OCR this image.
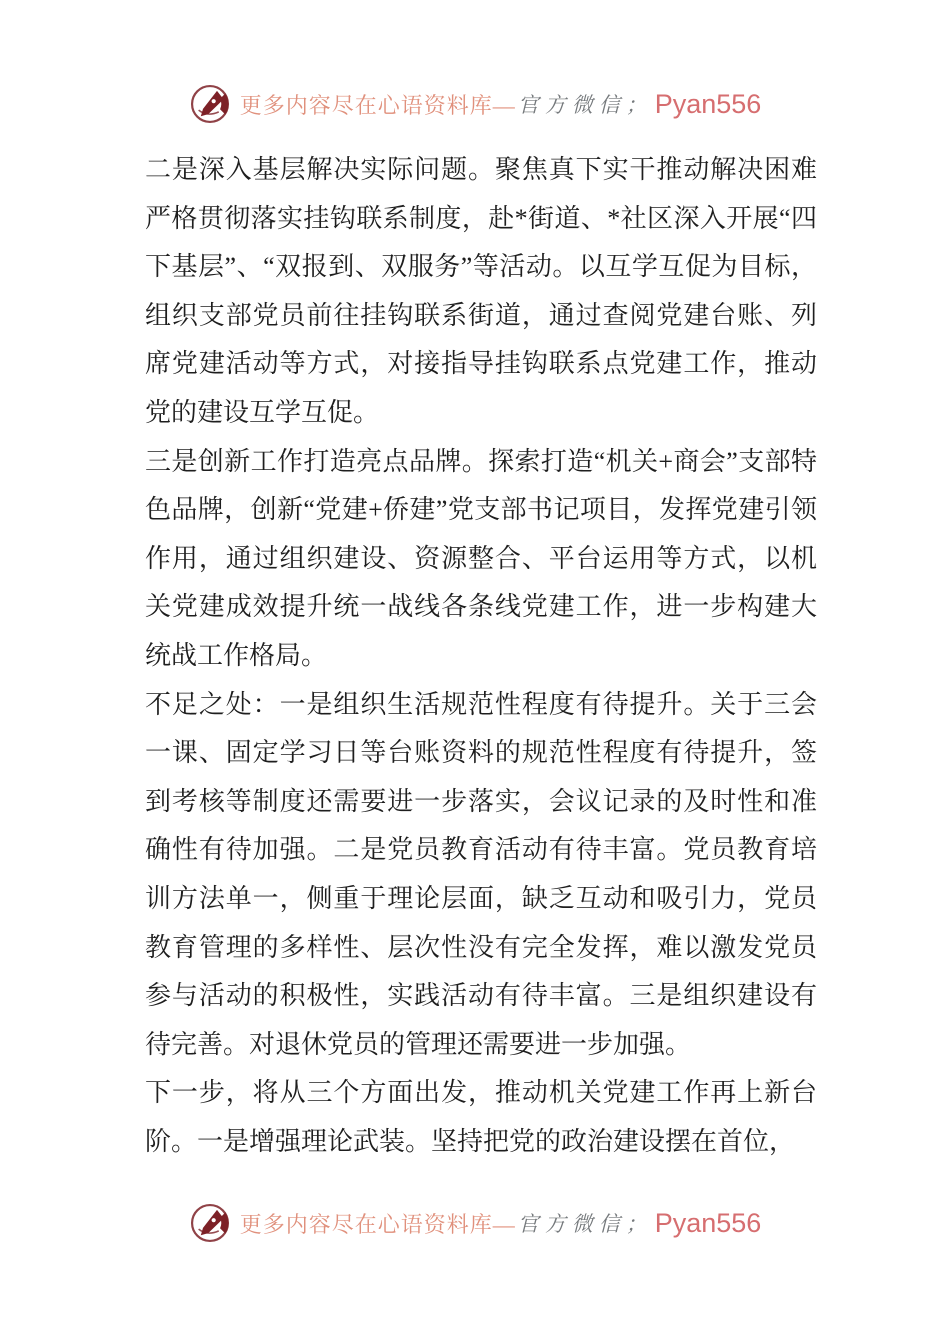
更多内容尽在心语资料库— 官方微信； Pyan556

二是深入基层解决实际问题。聚焦真下实干推动解决困难严格贯彻落实挂钩联系制度，赴*街道、*社区深入开展“四下基层”、“双报到、双服务”等活动。以互学互促为目标，组织支部党员前往挂钩联系街道，通过查阅党建台账、列席党建活动等方式，对接指导挂钩联系点党建工作，推动党的建设互学互促。

三是创新工作打造亮点品牌。探索打造“机关+商会”支部特色品牌，创新“党建+侨建”党支部书记项目，发挥党建引领作用，通过组织建设、资源整合、平台运用等方式，以机关党建成效提升统一战线各条线党建工作，进一步构建大统战工作格局。

不足之处：一是组织生活规范性程度有待提升。关于三会一课、固定学习日等台账资料的规范性程度有待提升，签到考核等制度还需要进一步落实，会议记录的及时性和准确性有待加强。二是党员教育活动有待丰富。党员教育培训方法单一，侧重于理论层面，缺乏互动和吸引力，党员教育管理的多样性、层次性没有完全发挥，难以激发党员参与活动的积极性，实践活动有待丰富。三是组织建设有待完善。对退休党员的管理还需要进一步加强。

下一步，将从三个方面出发，推动机关党建工作再上新台阶。一是增强理论武装。坚持把党的政治建设摆在首位，

更多内容尽在心语资料库— 官方微信； Pyan556
